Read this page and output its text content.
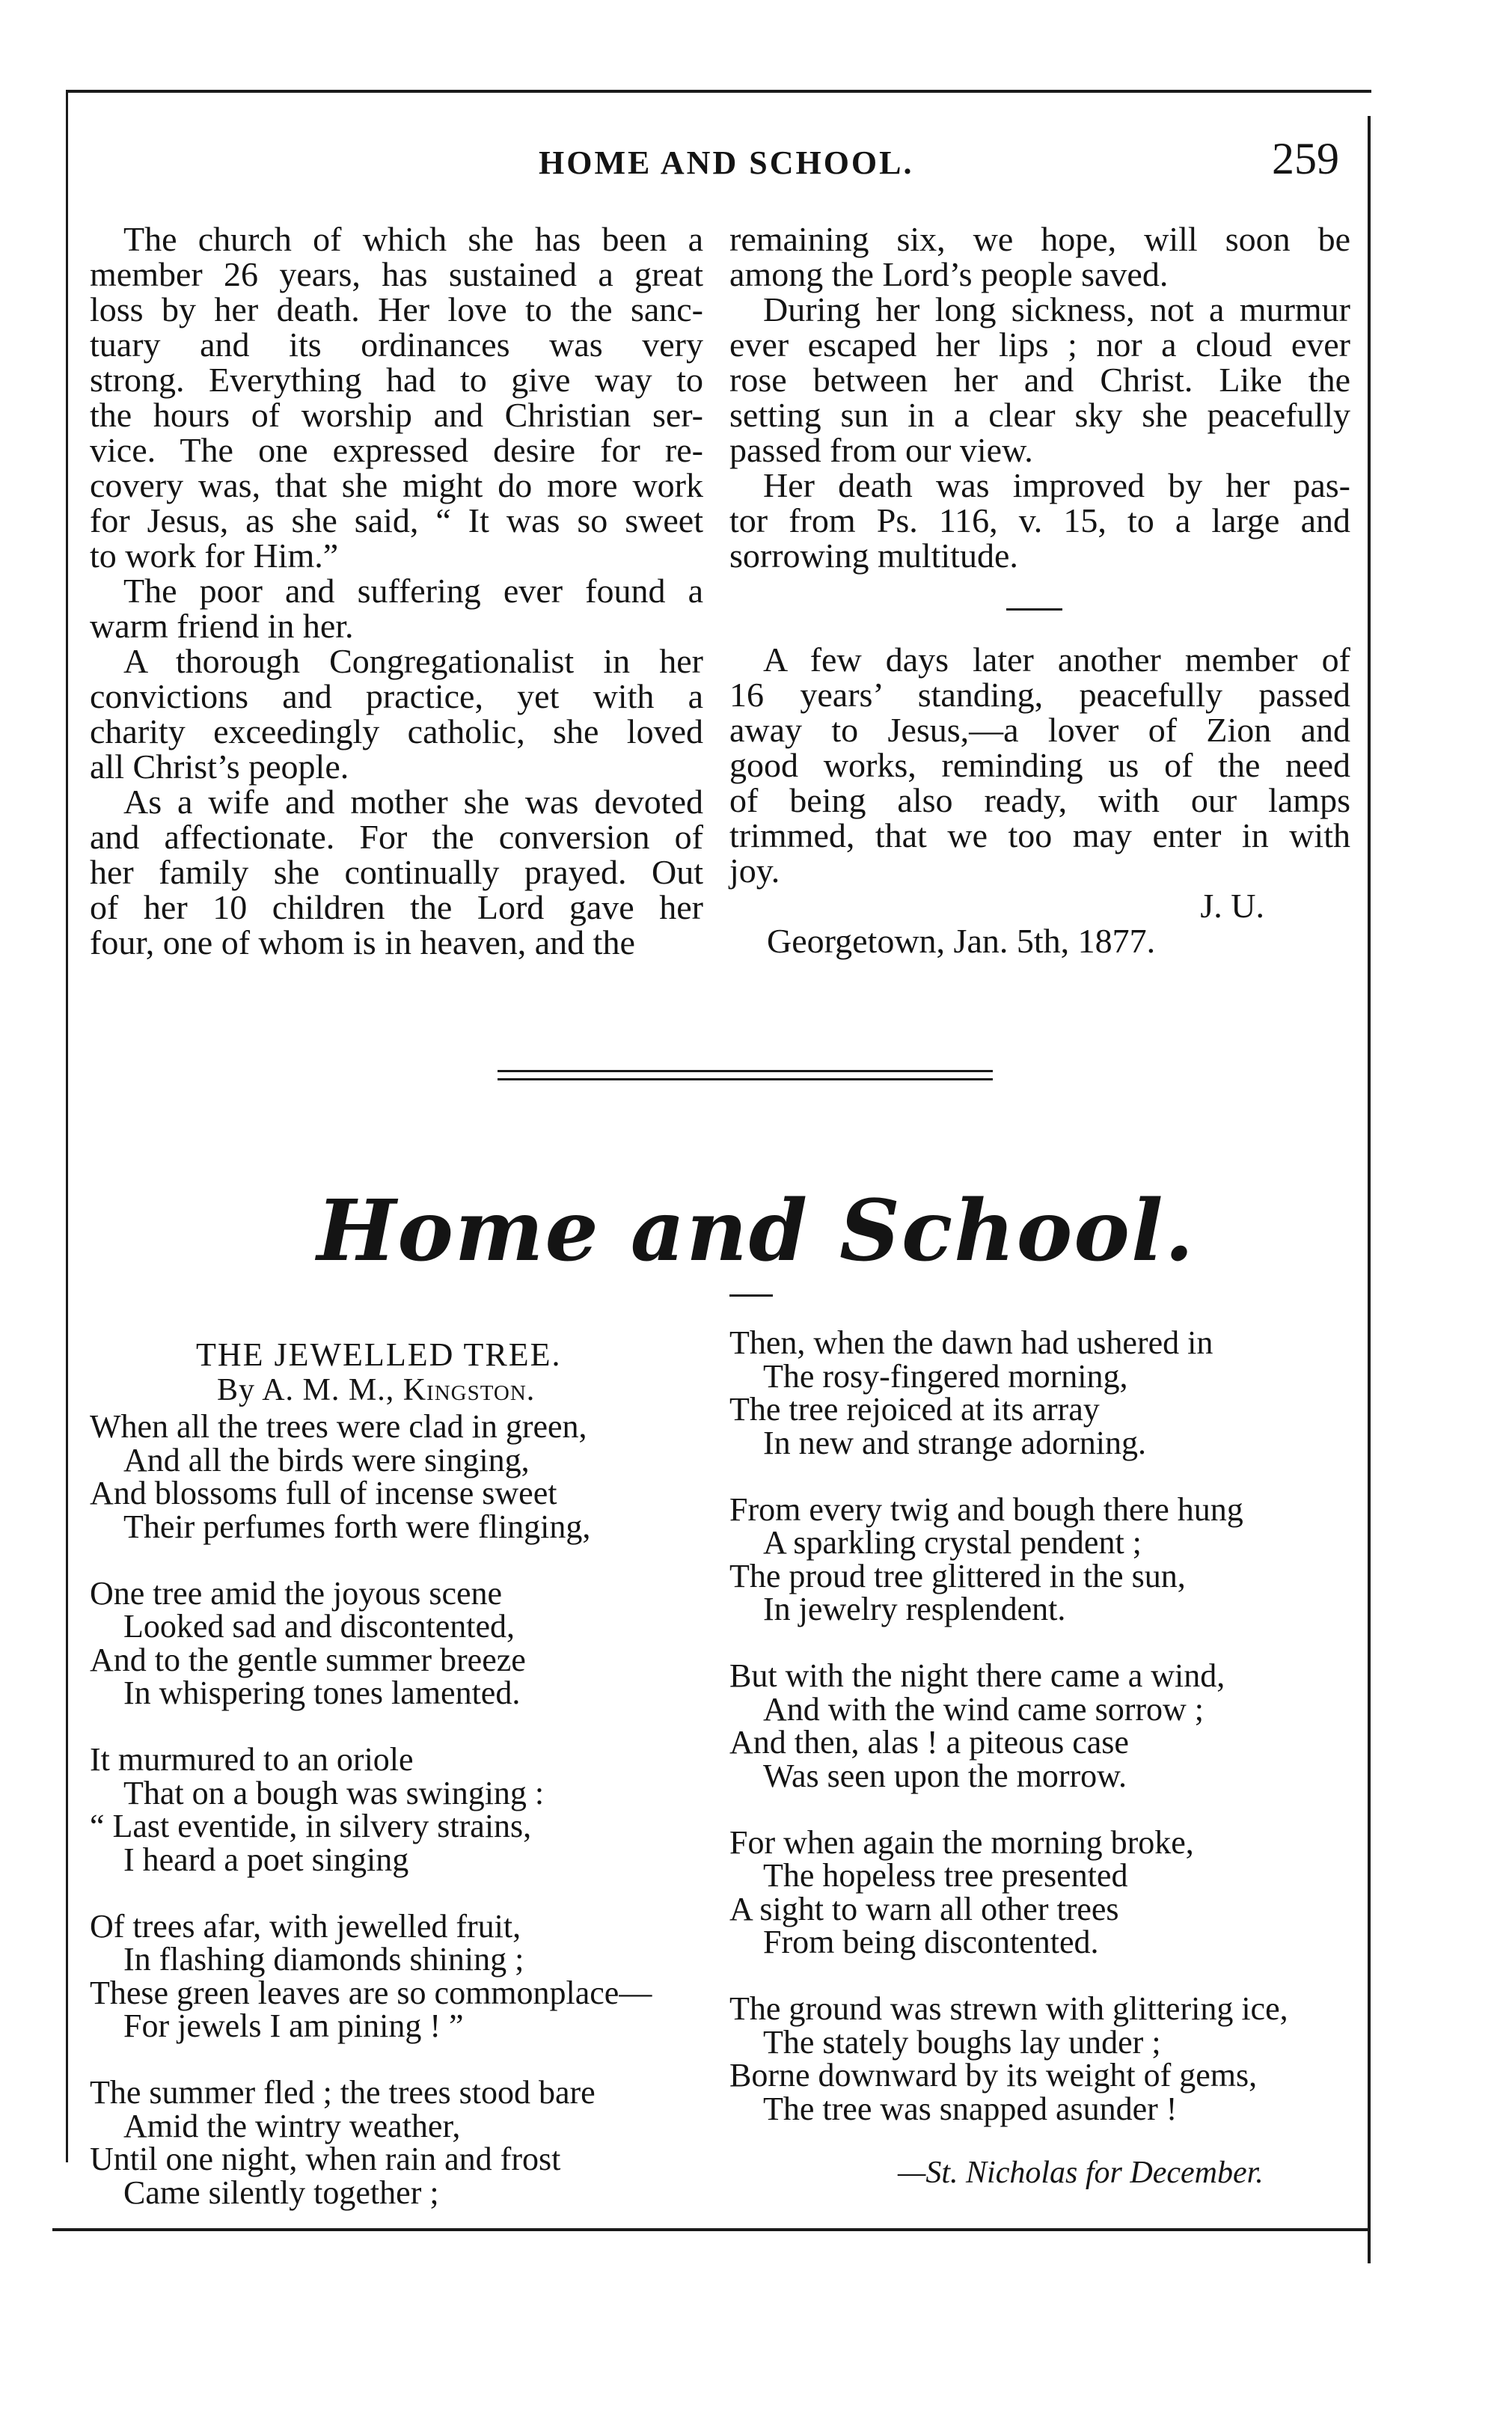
HOME AND SCHOOL.	259
The church of which she has been a
member 26 years, has sustained a great
loss by her death. Her love to the sanc-
tuary and its ordinances was very
strong. Everything had to give way to
the hours of worship and Christian ser-
vice. The one expressed desire for re-
covery was, that she might do more work
for Jesus, as she said, “ It was so sweet
to work for Him.”
The poor and suffering ever found a
warm friend in her.
A thorough Congregationalist in her
convictions and practice, yet with a
charity exceedingly catholic, she loved
all Christ’s people.
As a wife and mother she was devoted
and affectionate. For the conversion of
her family she continually prayed. Out
of her 10 children the Lord gave her
four, one of whom is in heaven, and the
remaining six, we hope, will soon be
among the Lord’s people saved.
During her long sickness, not a murmur
ever escaped her lips ; nor a cloud ever
rose between her and Christ. Like the
setting sun in a clear sky she peacefully
passed from our view.
Her death was improved by her pas-
tor from Ps. 116, v. 15, to a large and
sorrowing multitude.
A few days later another member of
16 years’ standing, peacefully passed
away to Jesus,—a lover of Zion and
good works, reminding us of the need
of being also ready, with our lamps
trimmed, that we too may enter in with
joy.
J. U.
Georgetown, Jan. 5th, 1877.
Home and School.
THE JEWELLED TREE.
By A. M. M., Kingston.
When all the trees were clad in green,
And all the birds were singing,
And blossoms full of incense sweet
Their perfumes forth were flinging,
One tree amid the joyous scene
Looked sad and discontented,
And to the gentle summer breeze
In whispering tones lamented.
It murmured to an oriole
That on a bough was swinging :
“ Last eventide, in silvery strains,
I heard a poet singing
Of trees afar, with jewelled fruit,
In flashing diamonds shining ;
These green leaves are so commonplace—
For jewels I am pining ! ”
The summer fled ; the trees stood bare
Amid the wintry weather,
Until one night, when rain and frost
Came silently together ;
Then, when the dawn had ushered in
The rosy-fingered morning,
The tree rejoiced at its array
In new and strange adorning.
From every twig and bough there hung
A sparkling crystal pendent ;
The proud tree glittered in the sun,
In jewelry resplendent.
But with the night there came a wind,
And with the wind came sorrow ;
And then, alas ! a piteous case
Was seen upon the morrow.
For when again the morning broke,
The hopeless tree presented
A sight to warn all other trees
From being discontented.
The ground was strewn with glittering ice,
The stately boughs lay under ;
Borne downward by its weight of gems,
The tree was snapped asunder !
—St. Nicholas for December.
